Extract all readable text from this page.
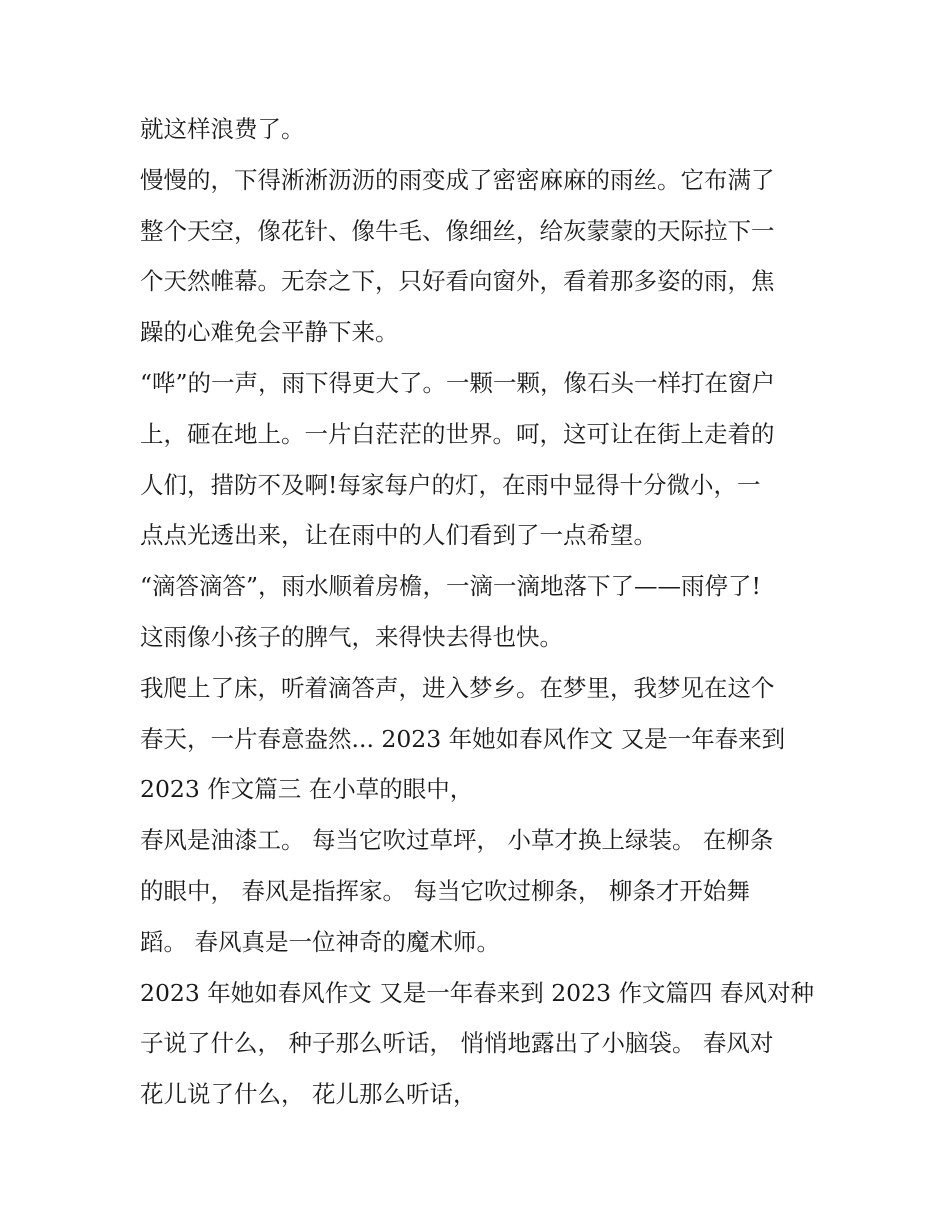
就这样浪费了。
慢慢的，下得淅淅沥沥的雨变成了密密麻麻的雨丝。它布满了
整个天空，像花针、像牛毛、像细丝，给灰蒙蒙的天际拉下一
个天然帷幕。无奈之下，只好看向窗外，看着那多姿的雨，焦
躁的心难免会平静下来。
“哗”的一声，雨下得更大了。一颗一颗，像石头一样打在窗户
上，砸在地上。一片白茫茫的世界。呵，这可让在街上走着的
人们，措防不及啊!每家每户的灯，在雨中显得十分微小，一
点点光透出来，让在雨中的人们看到了一点希望。
“滴答滴答”，雨水顺着房檐，一滴一滴地落下了——雨停了!
这雨像小孩子的脾气，来得快去得也快。
我爬上了床，听着滴答声，进入梦乡。在梦里，我梦见在这个
春天，一片春意盎然... 2023 年她如春风作文 又是一年春来到
2023 作文篇三 在小草的眼中，
春风是油漆工。 每当它吹过草坪， 小草才换上绿装。 在柳条
的眼中， 春风是指挥家。 每当它吹过柳条， 柳条才开始舞
蹈。 春风真是一位神奇的魔术师。
2023 年她如春风作文 又是一年春来到 2023 作文篇四 春风对种
子说了什么， 种子那么听话， 悄悄地露出了小脑袋。 春风对
花儿说了什么， 花儿那么听话，
